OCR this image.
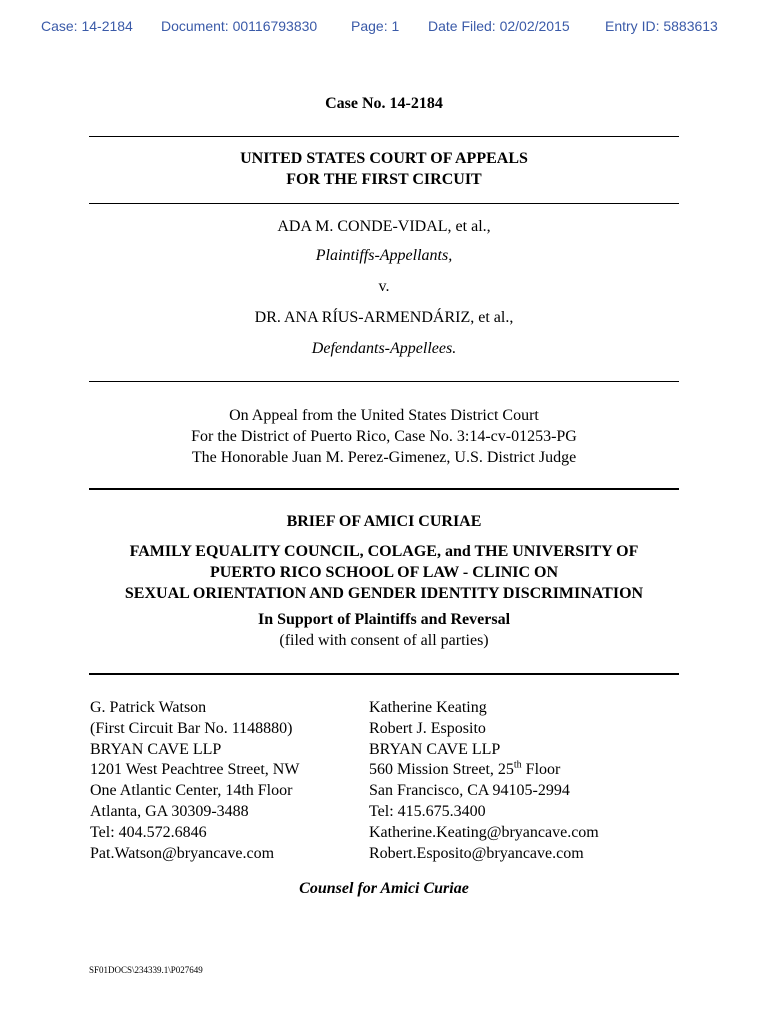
Case: 14-2184 Document: 00116793830 Page: 1 Date Filed: 02/02/2015	Entry ID: 5883613
Case No. 14-2184
UNITED STATES COURT OF APPEALS
FOR THE FIRST CIRCUIT
ADA M. CONDE-VIDAL, et al.,
Plaintiffs-Appellants,
v.
DR. ANA RÍUS-ARMENDÁRIZ, et al.,
Defendants-Appellees.
On Appeal from the United States District Court
For the District of Puerto Rico, Case No. 3:14-cv-01253-PG
The Honorable Juan M. Perez-Gimenez, U.S. District Judge
BRIEF OF AMICI CURIAE
FAMILY EQUALITY COUNCIL, COLAGE, and THE UNIVERSITY OF
PUERTO RICO SCHOOL OF LAW - CLINIC ON
SEXUAL ORIENTATION AND GENDER IDENTITY DISCRIMINATION
In Support of Plaintiffs and Reversal
(filed with consent of all parties)
G. Patrick Watson
(First Circuit Bar No. 1148880)
BRYAN CAVE LLP
1201 West Peachtree Street, NW
One Atlantic Center, 14th Floor
Atlanta, GA 30309-3488
Tel: 404.572.6846
Pat.Watson@bryancave.com
Katherine Keating
Robert J. Esposito
BRYAN CAVE LLP
560 Mission Street, 25th Floor
San Francisco, CA 94105-2994
Tel: 415.675.3400
Katherine.Keating@bryancave.com
Robert.Esposito@bryancave.com
Counsel for Amici Curiae
SF01DOCS\234339.1\P027649
